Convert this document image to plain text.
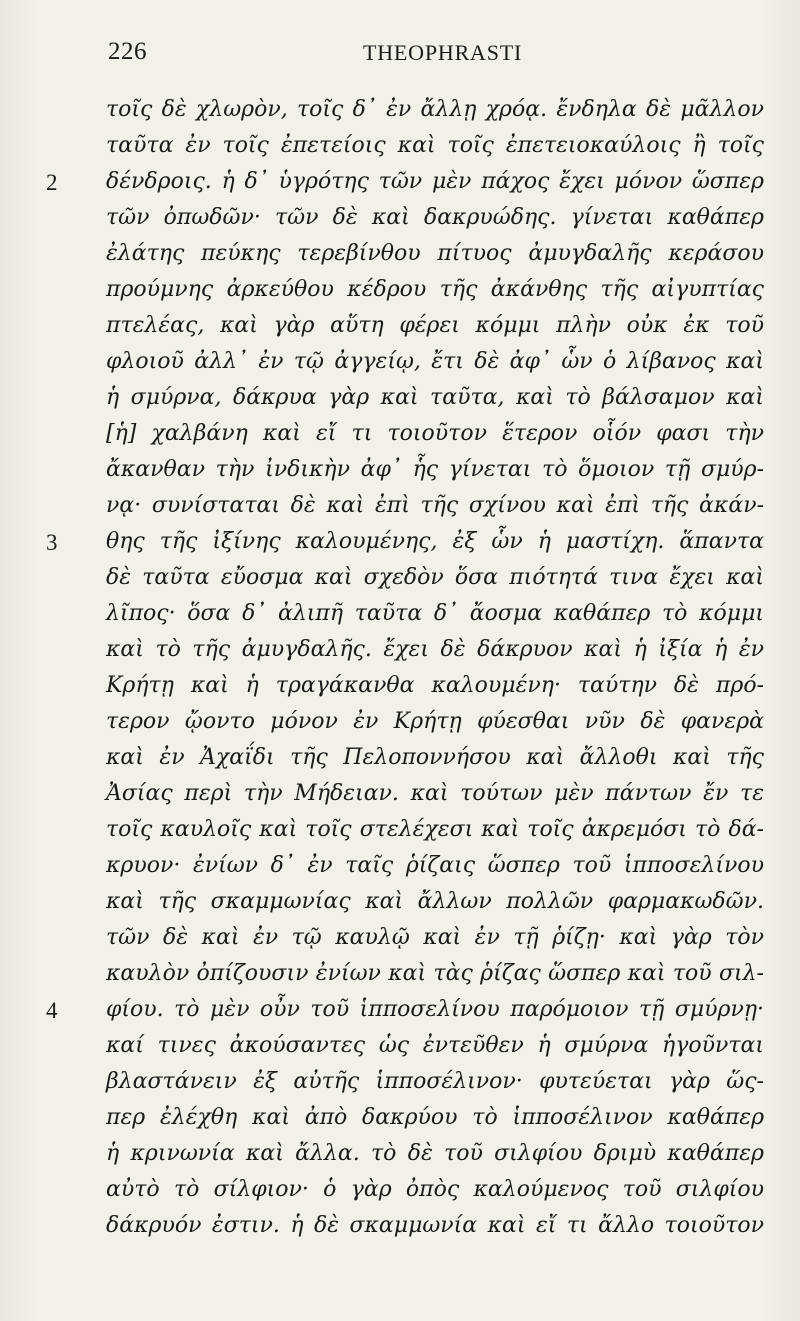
226	THEOPHRASTI
τοῖς δὲ χλωρὸν, τοῖς δ᾽ ἐν ἄλλῃ χρόᾳ. ἔνδηλα δὲ μᾶλλον
ταῦτα ἐν τοῖς ἐπετείοις καὶ τοῖς ἐπετειοκαύλοις ἢ τοῖς
2 δένδροις. ἡ δ᾽ ὑγρότης τῶν μὲν πάχος ἔχει μόνον ὥσπερ
τῶν ὀπωδῶν· τῶν δὲ καὶ δακρυώδης. γίνεται καθάπερ
ἐλάτης πεύκης τερεβίνθου πίτυος ἀμυγδαλῆς κεράσου
προύμνης ἀρκεύθου κέδρου τῆς ἀκάνθης τῆς αἰγυπτίας
πτελέας, καὶ γὰρ αὕτη φέρει κόμμι πλὴν οὐκ ἐκ τοῦ
φλοιοῦ ἀλλ᾽ ἐν τῷ ἀγγείῳ, ἔτι δὲ ἀφ᾽ ὧν ὁ λίβανος καὶ
ἡ σμύρνα, δάκρυα γὰρ καὶ ταῦτα, καὶ τὸ βάλσαμον καὶ
[ἡ] χαλβάνη καὶ εἴ τι τοιοῦτον ἕτερον οἷόν φασι τὴν
ἄκανθαν τὴν ἰνδικὴν ἀφ᾽ ἧς γίνεται τὸ ὅμοιον τῇ σμύρ-
νᾳ· συνίσταται δὲ καὶ ἐπὶ τῆς σχίνου καὶ ἐπὶ τῆς ἀκάν-
3 θης τῆς ἰξίνης καλουμένης, ἐξ ὧν ἡ μαστίχη. ἅπαντα
δὲ ταῦτα εὔοσμα καὶ σχεδὸν ὅσα πιότητά τινα ἔχει καὶ
λῖπος· ὅσα δ᾽ ἀλιπῆ ταῦτα δ᾽ ἄοσμα καθάπερ τὸ κόμμι
καὶ τὸ τῆς ἀμυγδαλῆς. ἔχει δὲ δάκρυον καὶ ἡ ἰξία ἡ ἐν
Κρήτῃ καὶ ἡ τραγάκανθα καλουμένη· ταύτην δὲ πρό-
τερον ᾤοντο μόνον ἐν Κρήτῃ φύεσθαι νῦν δὲ φανερὰ
καὶ ἐν Ἀχαΐδι τῆς Πελοποννήσου καὶ ἄλλοθι καὶ τῆς
Ἀσίας περὶ τὴν Μήδειαν. καὶ τούτων μὲν πάντων ἔν τε
τοῖς καυλοῖς καὶ τοῖς στελέχεσι καὶ τοῖς ἀκρεμόσι τὸ δά-
κρυον· ἐνίων δ᾽ ἐν ταῖς ῥίζαις ὥσπερ τοῦ ἱπποσελίνου
καὶ τῆς σκαμμωνίας καὶ ἄλλων πολλῶν φαρμακωδῶν.
τῶν δὲ καὶ ἐν τῷ καυλῷ καὶ ἐν τῇ ῥίζῃ· καὶ γὰρ τὸν
καυλὸν ὀπίζουσιν ἐνίων καὶ τὰς ῥίζας ὥσπερ καὶ τοῦ σιλ-
4 φίου. τὸ μὲν οὖν τοῦ ἱπποσελίνου παρόμοιον τῇ σμύρνῃ·
καί τινες ἀκούσαντες ὡς ἐντεῦθεν ἡ σμύρνα ἡγοῦνται
βλαστάνειν ἐξ αὐτῆς ἱπποσέλινον· φυτεύεται γὰρ ὥς-
περ ἐλέχθη καὶ ἀπὸ δακρύου τὸ ἱπποσέλινον καθάπερ
ἡ κρινωνία καὶ ἄλλα. τὸ δὲ τοῦ σιλφίου δριμὺ καθάπερ
αὐτὸ τὸ σίλφιον· ὁ γὰρ ὀπὸς καλούμενος τοῦ σιλφίου
δάκρυόν ἐστιν. ἡ δὲ σκαμμωνία καὶ εἴ τι ἄλλο τοιοῦτον
